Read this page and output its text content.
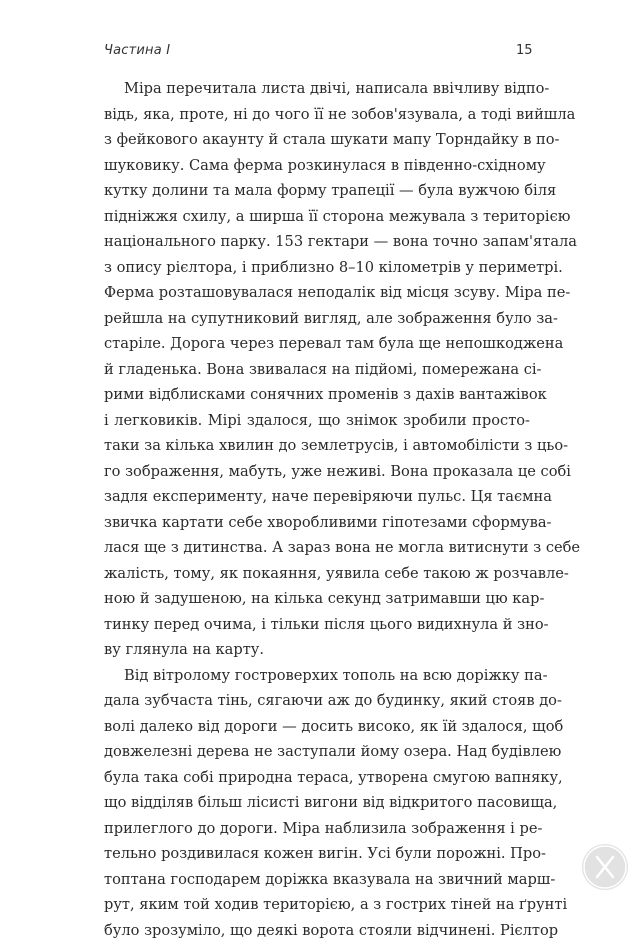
Частина I	15
Міра перечитала листа двічі, написала ввічливу відпо-
відь, яка, проте, ні до чого її не зобов'язувала, а тоді вийшла
з фейкового акаунту й стала шукати мапу Торндайку в по-
шуковику. Сама ферма розкинулася в південно-східному
кутку долини та мала форму трапеції — була вужчою біля
підніжжя схилу, а ширша її сторона межувала з територією
національного парку. 153 гектари — вона точно запам'ятала
з опису рієлтора, і приблизно 8–10 кілометрів у периметрі.
Ферма розташовувалася неподалік від місця зсуву. Міра пе-
рейшла на супутниковий вигляд, але зображення було за-
старіле. Дорога через перевал там була ще непошкоджена
й гладенька. Вона звивалася на підйомі, помережана сі-
рими відблисками сонячних променів з дахів вантажівок
і легковиків. Мірі здалося, що знімок зробили просто-
таки за кілька хвилин до землетрусів, і автомобілісти з цьо-
го зображення, мабуть, уже неживі. Вона проказала це собі
задля експерименту, наче перевіряючи пульс. Ця таємна
звичка картати себе хворобливими гіпотезами сформува-
лася ще з дитинства. А зараз вона не могла витиснути з себе
жалість, тому, як покаяння, уявила себе такою ж розчавле-
ною й задушеною, на кілька секунд затримавши цю кар-
тинку перед очима, і тільки після цього видихнула й зно-
ву глянула на карту.
Від вітролому гостроверхих тополь на всю доріжку па-
дала зубчаста тінь, сягаючи аж до будинку, який стояв до-
волі далеко від дороги — досить високо, як їй здалося, щоб
довжелезні дерева не заступали йому озера. Над будівлею
була така собі природна тераса, утворена смугою вапняку,
що відділяв більш лісисті вигони від відкритого пасовища,
прилеглого до дороги. Міра наблизила зображення і ре-
тельно роздивилася кожен вигін. Усі були порожні. Про-
топтана господарем доріжка вказувала на звичний марш-
рут, яким той ходив територією, а з гострих тіней на ґрунті
було зрозуміло, що деякі ворота стояли відчинені. Рієлтор
